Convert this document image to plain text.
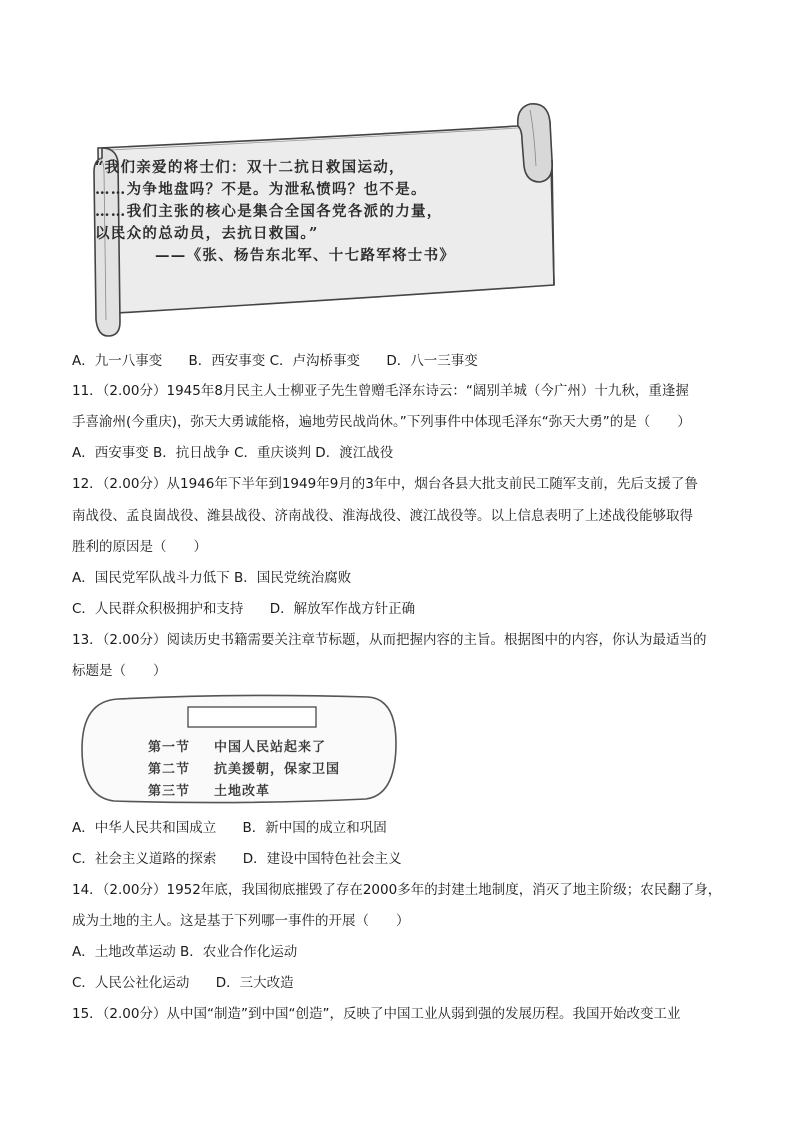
“我们亲爱的将士们：双十二抗日救国运动，
……为争地盘吗？不是。为泄私愤吗？也不是。
……我们主张的核心是集合全国各党各派的力量，
以民众的总动员，去抗日救国。”
——《张、杨告东北军、十七路军将士书》
A．九一八事变 B．西安事变 C．卢沟桥事变 D．八一三事变
11．（2.00分）1945年8月民主人士柳亚子先生曾赠毛泽东诗云：“阔别羊城（今广州）十九秋，重逢握
手喜渝州(今重庆)，弥天大勇诚能格，遍地劳民战尚休。”下列事件中体现毛泽东“弥天大勇”的是（　　）
A．西安事变 B．抗日战争 C．重庆谈判 D．渡江战役
12．（2.00分）从1946年下半年到1949年9月的3年中，烟台各县大批支前民工随军支前，先后支援了鲁
南战役、孟良崮战役、潍县战役、济南战役、淮海战役、渡江战役等。以上信息表明了上述战役能够取得
胜利的原因是（　　）
A．国民党军队战斗力低下 B．国民党统治腐败
C．人民群众积极拥护和支持 D．解放军作战方针正确
13．（2.00分）阅读历史书籍需要关注章节标题，从而把握内容的主旨。根据图中的内容，你认为最适当的
标题是（　　）
第一节 中国人民站起来了
第二节 抗美援朝，保家卫国
第三节 土地改革
A．中华人民共和国成立 B．新中国的成立和巩固
C．社会主义道路的探索 D．建设中国特色社会主义
14．（2.00分）1952年底，我国彻底摧毁了存在2000多年的封建土地制度，消灭了地主阶级；农民翻了身，
成为土地的主人。这是基于下列哪一事件的开展（　　）
A．土地改革运动 B．农业合作化运动
C．人民公社化运动 D．三大改造
15．（2.00分）从中国“制造”到中国“创造”，反映了中国工业从弱到强的发展历程。我国开始改变工业
